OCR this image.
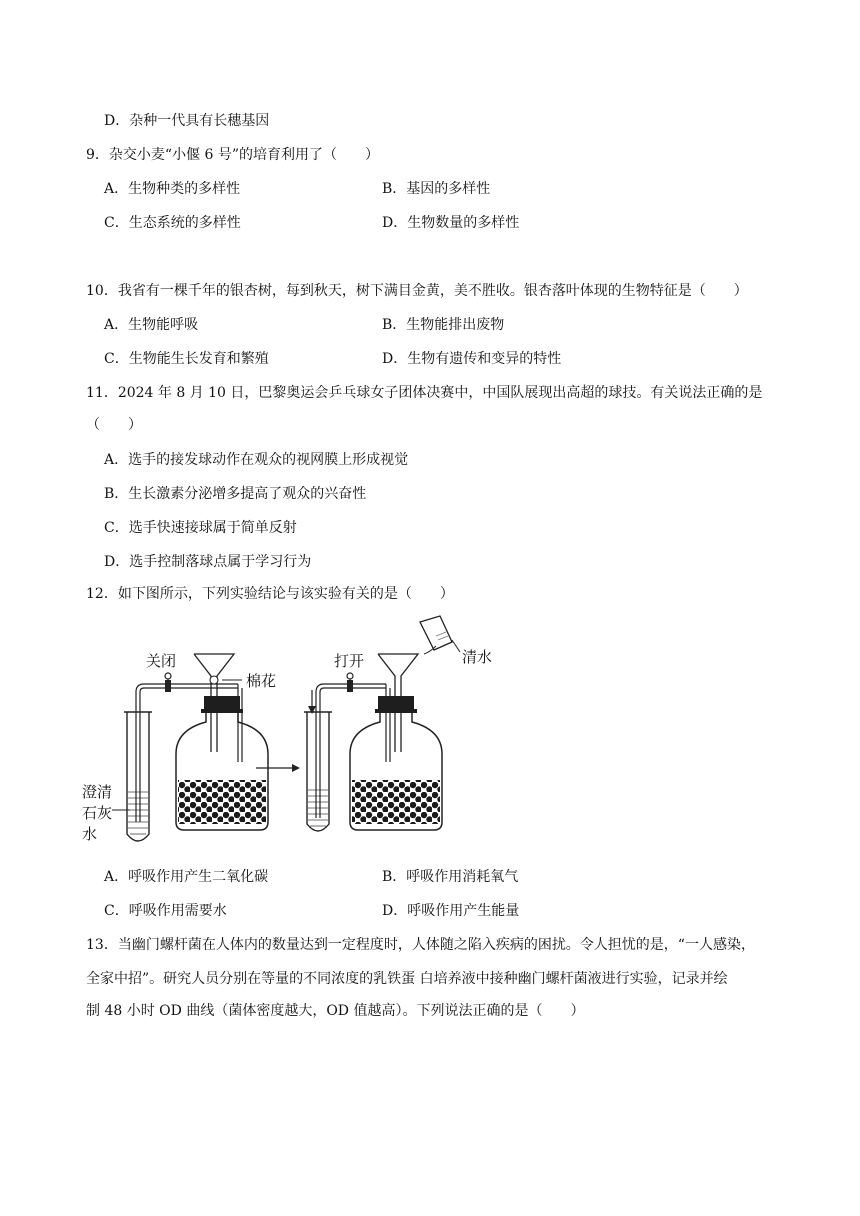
D．杂种一代具有长穗基因
9．杂交小麦“小偃 6 号”的培育利用了（　　）
A．生物种类的多样性	B．基因的多样性
C．生态系统的多样性	D．生物数量的多样性
10．我省有一棵千年的银杏树，每到秋天，树下满目金黄，美不胜收。银杏落叶体现的生物特征是（　　）
A．生物能呼吸	B．生物能排出废物
C．生物能生长发育和繁殖	D．生物有遗传和变异的特性
11．2024 年 8 月 10 日，巴黎奥运会乒乓球女子团体决赛中，中国队展现出高超的球技。有关说法正确的是
（　　）
A．选手的接发球动作在观众的视网膜上形成视觉
B．生长激素分泌增多提高了观众的兴奋性
C．选手快速接球属于简单反射
D．选手控制落球点属于学习行为
12．如下图所示，下列实验结论与该实验有关的是（　　）
关闭
棉花
澄清
石灰
水
打开	清水
A．呼吸作用产生二氧化碳	B．呼吸作用消耗氧气
C．呼吸作用需要水	D．呼吸作用产生能量
13．当幽门螺杆菌在人体内的数量达到一定程度时，人体随之陷入疾病的困扰。令人担忧的是，“一人感染，
全家中招”。研究人员分别在等量的不同浓度的乳铁蛋 白培养液中接种幽门螺杆菌液进行实验，记录并绘
制 48 小时 OD 曲线（菌体密度越大，OD 值越高）。下列说法正确的是（　　）
